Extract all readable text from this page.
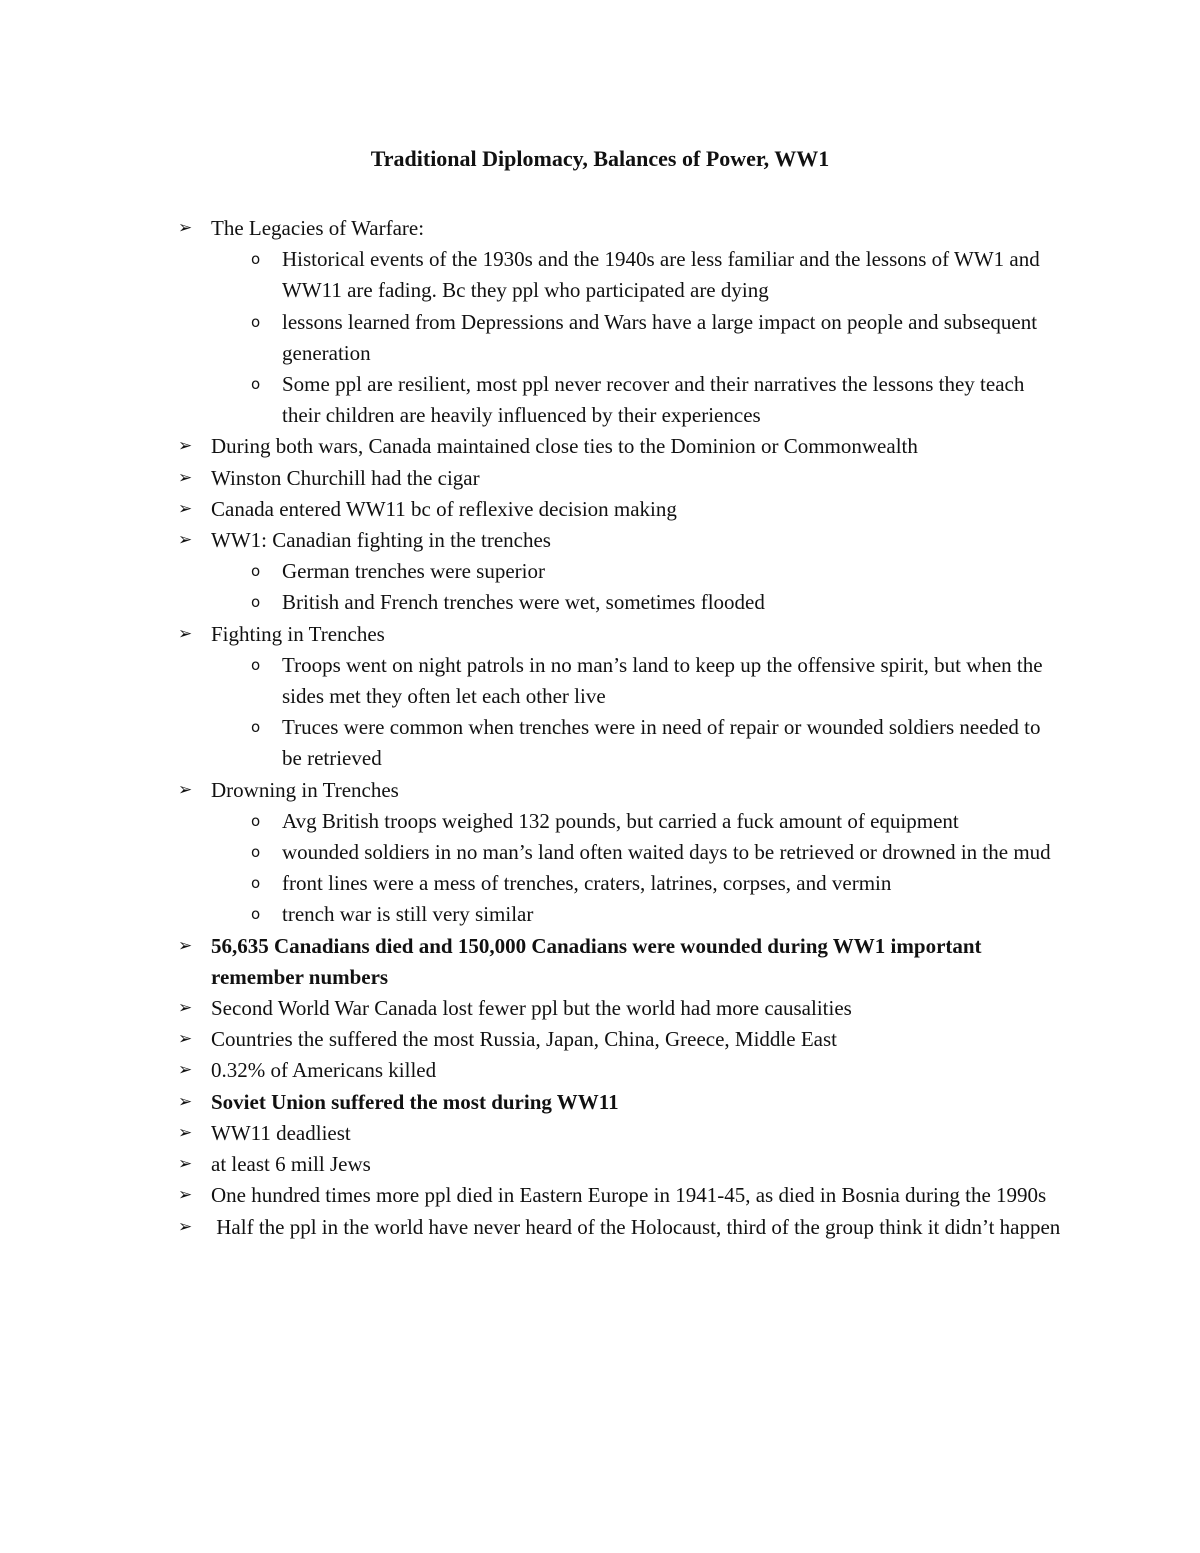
Traditional Diplomacy, Balances of Power, WW1
➢ The Legacies of Warfare:
o Historical events of the 1930s and the 1940s are less familiar and the lessons of WW1 and WW11 are fading. Bc they ppl who participated are dying
o lessons learned from Depressions and Wars have a large impact on people and subsequent generation
o Some ppl are resilient, most ppl never recover and their narratives the lessons they teach their children are heavily influenced by their experiences
➢ During both wars, Canada maintained close ties to the Dominion or Commonwealth
➢ Winston Churchill had the cigar
➢ Canada entered WW11 bc of reflexive decision making
➢ WW1: Canadian fighting in the trenches
o German trenches were superior
o British and French trenches were wet, sometimes flooded
➢ Fighting in Trenches
o Troops went on night patrols in no man’s land to keep up the offensive spirit, but when the sides met they often let each other live
o Truces were common when trenches were in need of repair or wounded soldiers needed to be retrieved
➢ Drowning in Trenches
o Avg British troops weighed 132 pounds, but carried a fuck amount of equipment
o wounded soldiers in no man’s land often waited days to be retrieved or drowned in the mud
o front lines were a mess of trenches, craters, latrines, corpses, and vermin
o trench war is still very similar
➢ 56,635 Canadians died and 150,000 Canadians were wounded during WW1 important remember numbers
➢ Second World War Canada lost fewer ppl but the world had more causalities
➢ Countries the suffered the most Russia, Japan, China, Greece, Middle East
➢ 0.32% of Americans killed
➢ Soviet Union suffered the most during WW11
➢ WW11 deadliest
➢ at least 6 mill Jews
➢ One hundred times more ppl died in Eastern Europe in 1941-45, as died in Bosnia during the 1990s
➢ Half the ppl in the world have never heard of the Holocaust, third of the group think it didn’t happen
